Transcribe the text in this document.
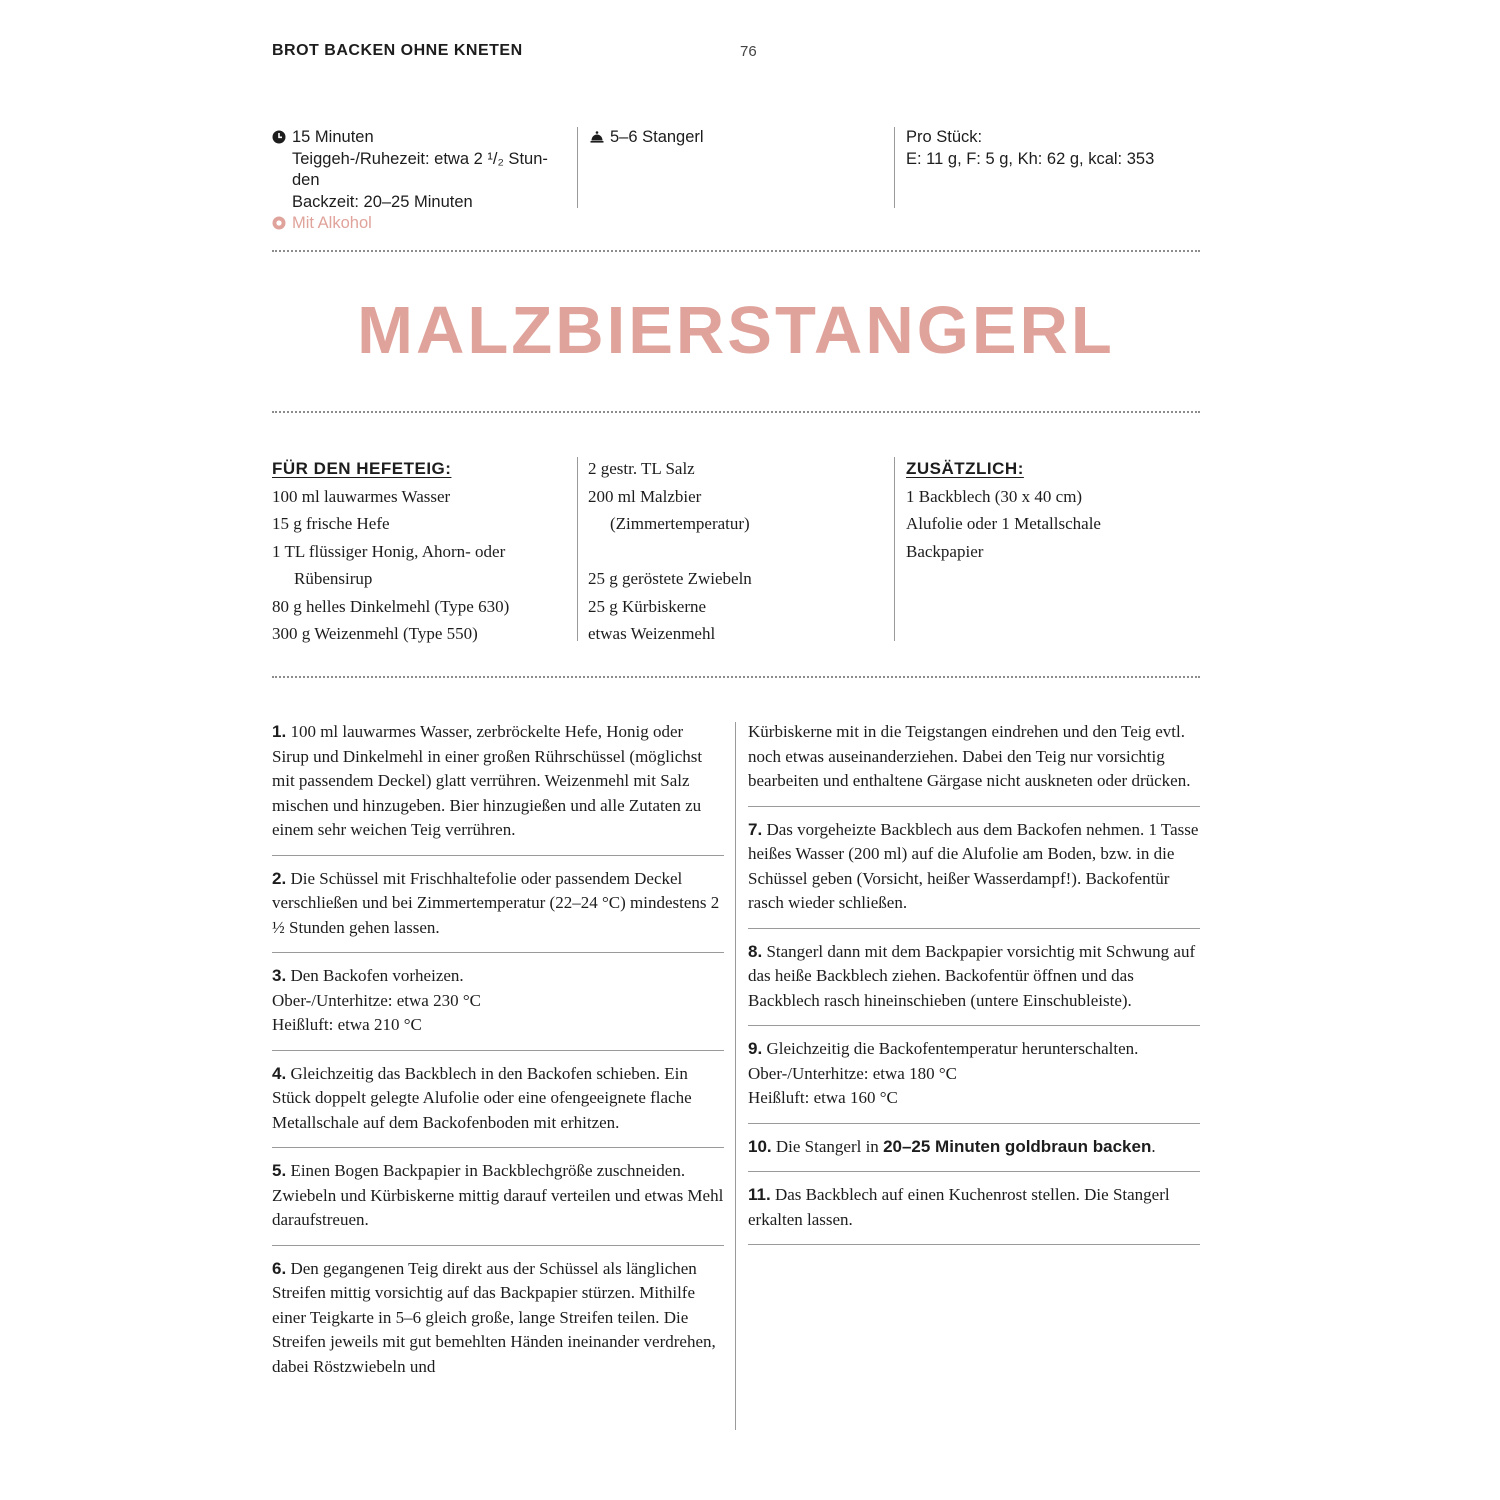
BROT BACKEN OHNE KNETEN	76
15 Minuten
Teiggeh-/Ruhezeit: etwa 2 ¹/₂ Stun-
den
Backzeit: 20–25 Minuten
Mit Alkohol
5–6 Stangerl	Pro Stück:
E: 11 g, F: 5 g, Kh: 62 g, kcal: 353
MALZBIERSTANGERL
FÜR DEN HEFETEIG:
100 ml lauwarmes Wasser
15 g frische Hefe
1 TL flüssiger Honig, Ahorn- oder
Rübensirup
80 g helles Dinkelmehl (Type 630)
300 g Weizenmehl (Type 550)
2 gestr. TL Salz
200 ml Malzbier
(Zimmertemperatur)
25 g geröstete Zwiebeln
25 g Kürbiskerne
etwas Weizenmehl
ZUSÄTZLICH:
1 Backblech (30 x 40 cm)
Alufolie oder 1 Metallschale
Backpapier
1. 100 ml lauwarmes Wasser, zerbröckelte Hefe, Honig oder Sirup und Dinkelmehl in einer großen Rührschüssel (möglichst mit passendem Deckel) glatt verrühren. Weizenmehl mit Salz mischen und hinzugeben. Bier hinzugießen und alle Zutaten zu einem sehr weichen Teig verrühren.
2. Die Schüssel mit Frischhaltefolie oder passendem Deckel verschließen und bei Zimmertemperatur (22–24 °C) mindestens 2 ½ Stunden gehen lassen.
3. Den Backofen vorheizen.
Ober-/Unterhitze: etwa 230 °C
Heißluft: etwa 210 °C
4. Gleichzeitig das Backblech in den Backofen schieben. Ein Stück doppelt gelegte Alufolie oder eine ofengeeignete flache Metallschale auf dem Backofenboden mit erhitzen.
5. Einen Bogen Backpapier in Backblechgröße zuschneiden. Zwiebeln und Kürbiskerne mittig darauf verteilen und etwas Mehl daraufstreuen.
6. Den gegangenen Teig direkt aus der Schüssel als länglichen Streifen mittig vorsichtig auf das Backpapier stürzen. Mithilfe einer Teigkarte in 5–6 gleich große, lange Streifen teilen. Die Streifen jeweils mit gut bemehlten Händen ineinander verdrehen, dabei Röstzwiebeln und
Kürbiskerne mit in die Teigstangen eindrehen und den Teig evtl. noch etwas auseinanderziehen. Dabei den Teig nur vorsichtig bearbeiten und enthaltene Gärgase nicht auskneten oder drücken.
7. Das vorgeheizte Backblech aus dem Backofen nehmen. 1 Tasse heißes Wasser (200 ml) auf die Alufolie am Boden, bzw. in die Schüssel geben (Vorsicht, heißer Wasserdampf!). Backofentür rasch wieder schließen.
8. Stangerl dann mit dem Backpapier vorsichtig mit Schwung auf das heiße Backblech ziehen. Backofentür öffnen und das Backblech rasch hineinschieben (untere Einschubleiste).
9. Gleichzeitig die Backofentemperatur herunterschalten.
Ober-/Unterhitze: etwa 180 °C
Heißluft: etwa 160 °C
10. Die Stangerl in 20–25 Minuten goldbraun backen.
11. Das Backblech auf einen Kuchenrost stellen. Die Stangerl erkalten lassen.
